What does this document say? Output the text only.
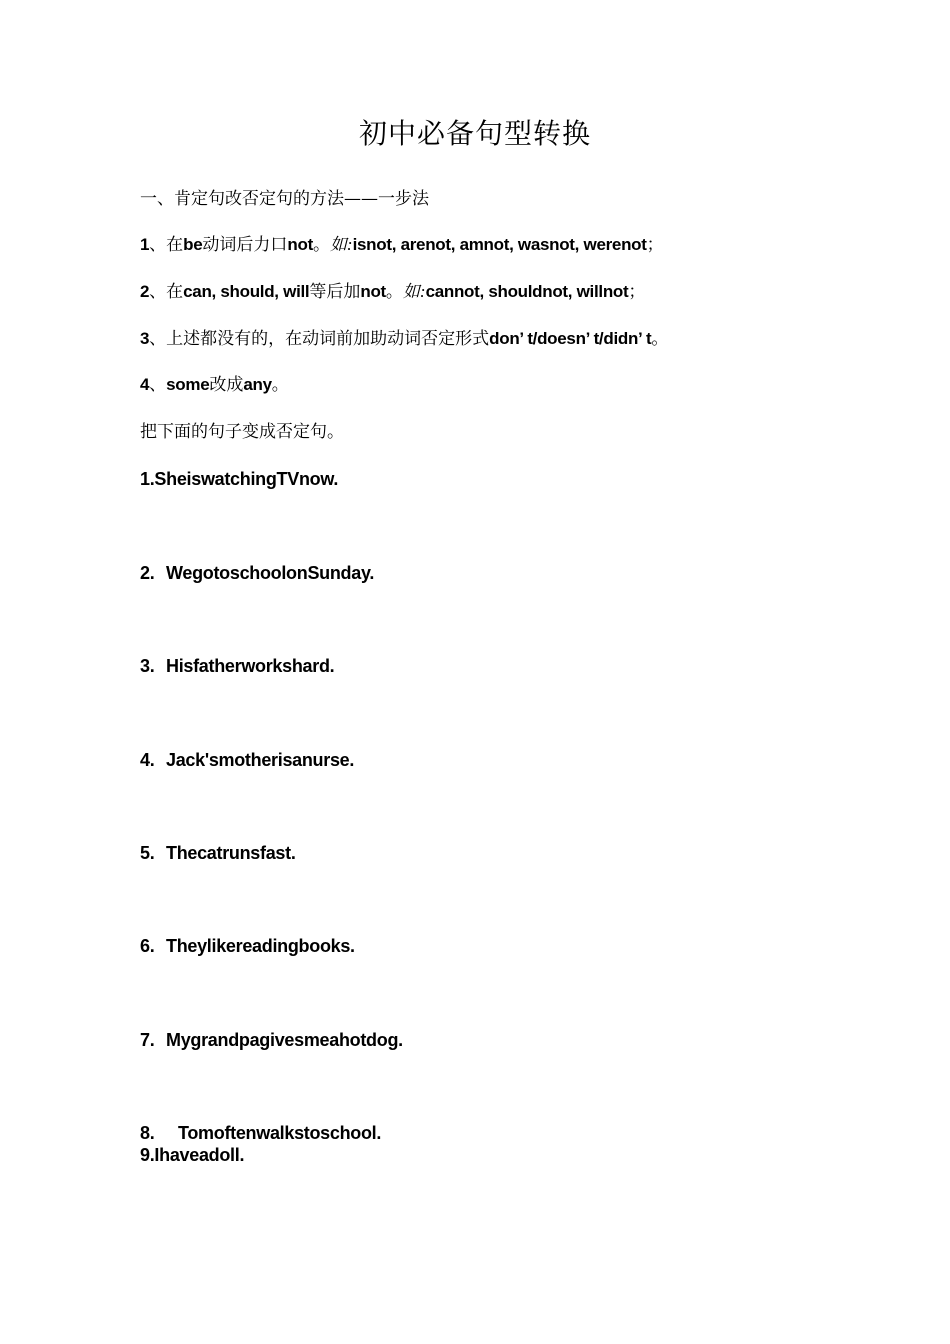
初中必备句型转换
一、肯定句改否定句的方法——一步法
1、在be动词后力口not。如:isnot, arenot, amnot, wasnot, werenot；
2、在can, should, will等后加not。如:cannot, shouldnot, willnot；
3、上述都没有的，在动词前加助动词否定形式don’ t/doesn’ t/didn’ t。
4、some改成any。
把下面的句子变成否定句。
1.SheiswatchingTVnow.
2. WegotoschoolonSunday.
3. Hisfatherworkshard.
4. Jack'smotherisanurse.
5. Thecatrunsfast.
6. Theylikereadingbooks.
7. Mygrandpagivesmeahotdog.
8. Tomoftenwalkstoschool.
9.Ihaveadoll.
